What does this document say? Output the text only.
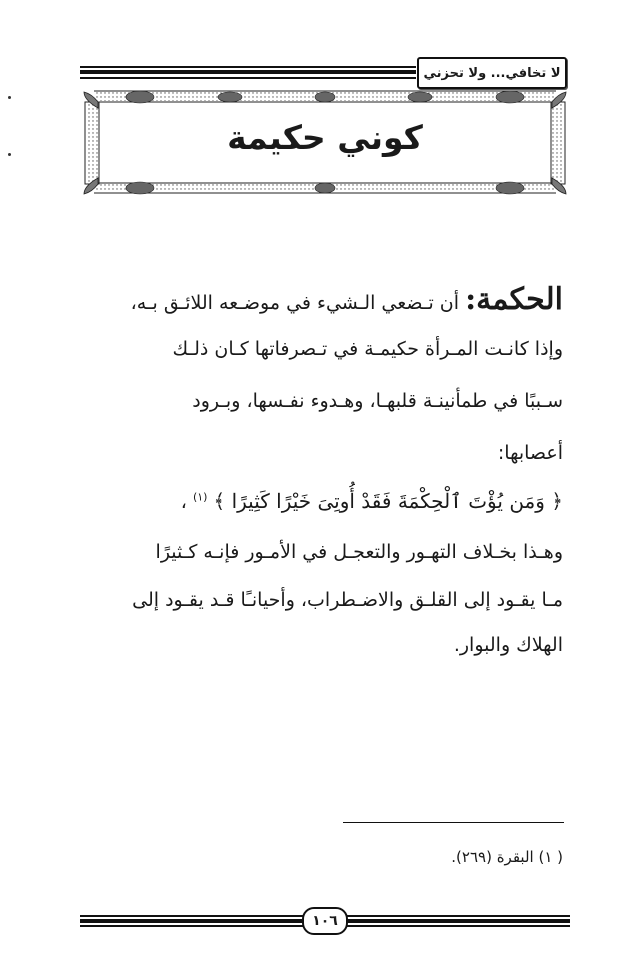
لا تخافي... ولا تحزني
كوني حكيمة
الحكمة: أن تـضعي الـشيء في موضـعه اللائـق بـه،
وإذا كانـت المـرأة حكيمـة في تـصرفاتها كـان ذلـك
سـببًا في طمأنينـة قلبهـا، وهـدوء نفـسها، وبـرود
أعصابها:
﴿ وَمَن يُؤْتَ ٱلْحِكْمَةَ فَقَدْ أُوتِىَ خَيْرًا كَثِيرًا ﴾ $^{(١)}$ ،
وهـذا بخـلاف التهـور والتعجـل في الأمـور فإنـه كـثيرًا
مـا يقـود إلى القلـق والاضـطراب، وأحيانـًا قـد يقـود إلى
الهلاك والبوار.
( ١) البقرة (٢٦٩).
١٠٦
